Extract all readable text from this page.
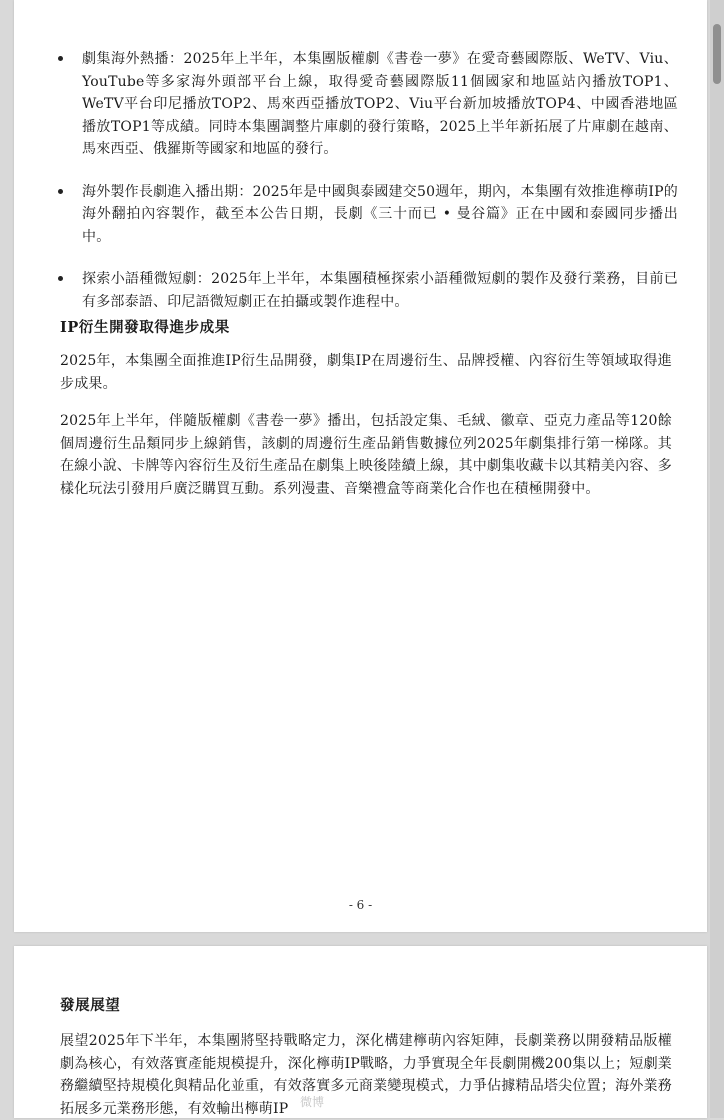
劇集海外熱播：2025年上半年，本集團版權劇《書卷一夢》在愛奇藝國際版、WeTV、Viu、YouTube等多家海外頭部平台上線，取得愛奇藝國際版11個國家和地區站內播放TOP1、WeTV平台印尼播放TOP2、馬來西亞播放TOP2、Viu平台新加坡播放TOP4、中國香港地區播放TOP1等成績。同時本集團調整片庫劇的發行策略，2025上半年新拓展了片庫劇在越南、馬來西亞、俄羅斯等國家和地區的發行。
海外製作長劇進入播出期：2025年是中國與泰國建交50週年，期內，本集團有效推進檸萌IP的海外翻拍內容製作，截至本公告日期，長劇《三十而已 • 曼谷篇》正在中國和泰國同步播出中。
探索小語種微短劇：2025年上半年，本集團積極探索小語種微短劇的製作及發行業務，目前已有多部泰語、印尼語微短劇正在拍攝或製作進程中。
IP衍生開發取得進步成果
2025年，本集團全面推進IP衍生品開發，劇集IP在周邊衍生、品牌授權、內容衍生等領域取得進步成果。
2025年上半年，伴隨版權劇《書卷一夢》播出，包括設定集、毛絨、徽章、亞克力產品等120餘個周邊衍生品類同步上線銷售，該劇的周邊衍生產品銷售數據位列2025年劇集排行第一梯隊。其在線小說、卡牌等內容衍生及衍生產品在劇集上映後陸續上線，其中劇集收藏卡以其精美內容、多樣化玩法引發用戶廣泛購買互動。系列漫畫、音樂禮盒等商業化合作也在積極開發中。
- 6 -
發展展望
展望2025年下半年，本集團將堅持戰略定力，深化構建檸萌內容矩陣，長劇業務以開發精品版權劇為核心，有效落實產能規模提升，深化檸萌IP戰略，力爭實現全年長劇開機200集以上；短劇業務繼續堅持規模化與精品化並重，有效落實多元商業變現模式，力爭佔據精品塔尖位置；海外業務拓展多元業務形態，有效輸出檸萌IP 微博
